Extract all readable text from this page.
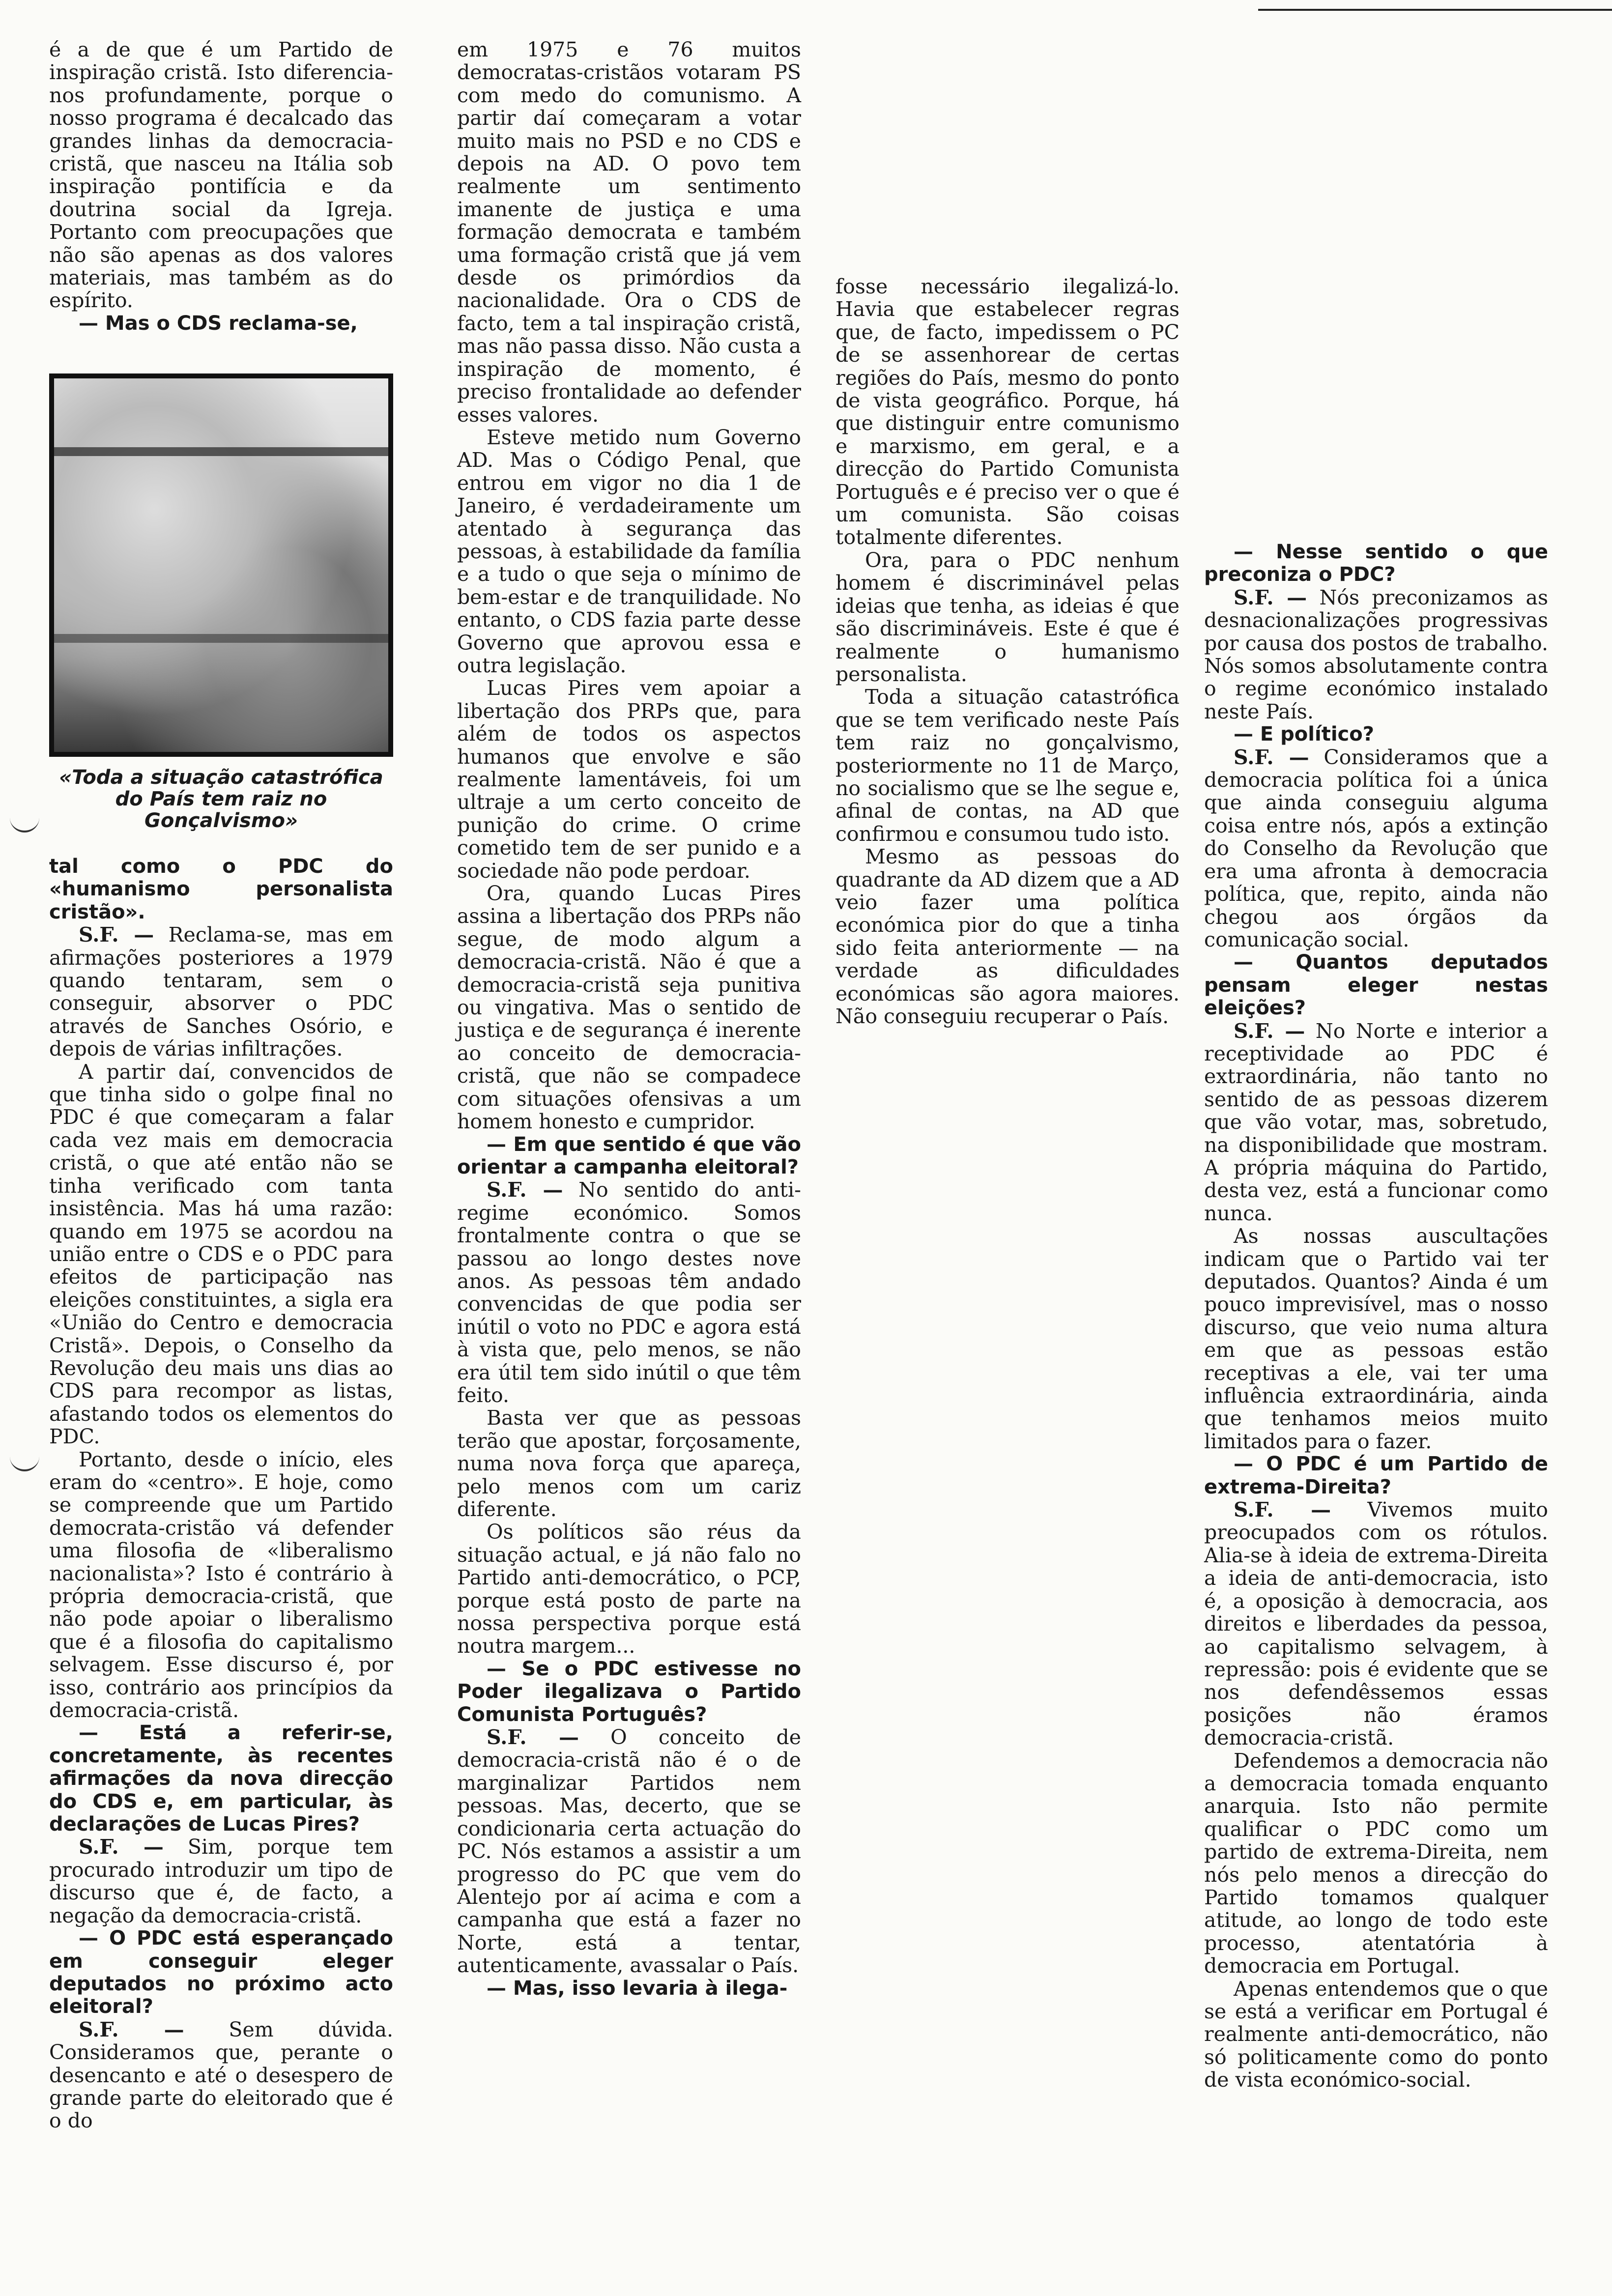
é a de que é um Partido de inspiração cristã. Isto diferencia-nos profundamente, porque o nosso programa é decalcado das grandes linhas da democracia-cristã, que nasceu na Itália sob inspiração pontifícia e da doutrina social da Igreja. Portanto com preocupações que não são apenas as dos valores materiais, mas também as do espírito.

— Mas o CDS reclama-se,

«Toda a situação catastrófica do País tem raiz no Gonçalvismo»

tal como o PDC do «humanismo personalista cristão».

S.F. — Reclama-se, mas em afirmações posteriores a 1979 quando tentaram, sem o conseguir, absorver o PDC através de Sanches Osório, e depois de várias infiltrações.

A partir daí, convencidos de que tinha sido o golpe final no PDC é que começaram a falar cada vez mais em democracia cristã, o que até então não se tinha verificado com tanta insistência. Mas há uma razão: quando em 1975 se acordou na união entre o CDS e o PDC para efeitos de participação nas eleições constituintes, a sigla era «União do Centro e democracia Cristã». Depois, o Conselho da Revolução deu mais uns dias ao CDS para recompor as listas, afastando todos os elementos do PDC.

Portanto, desde o início, eles eram do «centro». E hoje, como se compreende que um Partido democrata-cristão vá defender uma filosofia de «liberalismo nacionalista»? Isto é contrário à própria democracia-cristã, que não pode apoiar o liberalismo que é a filosofia do capitalismo selvagem. Esse discurso é, por isso, contrário aos princípios da democracia-cristã.

— Está a referir-se, concretamente, às recentes afirmações da nova direcção do CDS e, em particular, às declarações de Lucas Pires?

S.F. — Sim, porque tem procurado introduzir um tipo de discurso que é, de facto, a negação da democracia-cristã.

— O PDC está esperançado em conseguir eleger deputados no próximo acto eleitoral?

S.F. — Sem dúvida. Consideramos que, perante o desencanto e até o desespero de grande parte do eleitorado que é o do

em 1975 e 76 muitos democratas-cristãos votaram PS com medo do comunismo. A partir daí começaram a votar muito mais no PSD e no CDS e depois na AD. O povo tem realmente um sentimento imanente de justiça e uma formação democrata e também uma formação cristã que já vem desde os primórdios da nacionalidade. Ora o CDS de facto, tem a tal inspiração cristã, mas não passa disso. Não custa a inspiração de momento, é preciso frontalidade ao defender esses valores.

Esteve metido num Governo AD. Mas o Código Penal, que entrou em vigor no dia 1 de Janeiro, é verdadeiramente um atentado à segurança das pessoas, à estabilidade da família e a tudo o que seja o mínimo de bem-estar e de tranquilidade. No entanto, o CDS fazia parte desse Governo que aprovou essa e outra legislação.

Lucas Pires vem apoiar a libertação dos PRPs que, para além de todos os aspectos humanos que envolve e são realmente lamentáveis, foi um ultraje a um certo conceito de punição do crime. O crime cometido tem de ser punido e a sociedade não pode perdoar.

Ora, quando Lucas Pires assina a libertação dos PRPs não segue, de modo algum a democracia-cristã. Não é que a democracia-cristã seja punitiva ou vingativa. Mas o sentido de justiça e de segurança é inerente ao conceito de democracia-cristã, que não se compadece com situações ofensivas a um homem honesto e cumpridor.

— Em que sentido é que vão orientar a campanha eleitoral?

S.F. — No sentido do anti-regime económico. Somos frontalmente contra o que se passou ao longo destes nove anos. As pessoas têm andado convencidas de que podia ser inútil o voto no PDC e agora está à vista que, pelo menos, se não era útil tem sido inútil o que têm feito.

Basta ver que as pessoas terão que apostar, forçosamente, numa nova força que apareça, pelo menos com um cariz diferente.

Os políticos são réus da situação actual, e já não falo no Partido anti-democrático, o PCP, porque está posto de parte na nossa perspectiva porque está noutra margem...

— Se o PDC estivesse no Poder ilegalizava o Partido Comunista Português?

S.F. — O conceito de democracia-cristã não é o de marginalizar Partidos nem pessoas. Mas, decerto, que se condicionaria certa actuação do PC. Nós estamos a assistir a um progresso do PC que vem do Alentejo por aí acima e com a campanha que está a fazer no Norte, está a tentar, autenticamente, avassalar o País.

— Mas, isso levaria à ilega-

fosse necessário ilegalizá-lo. Havia que estabelecer regras que, de facto, impedissem o PC de se assenhorear de certas regiões do País, mesmo do ponto de vista geográfico. Porque, há que distinguir entre comunismo e marxismo, em geral, e a direcção do Partido Comunista Português e é preciso ver o que é um comunista. São coisas totalmente diferentes.

Ora, para o PDC nenhum homem é discriminável pelas ideias que tenha, as ideias é que são discrimináveis. Este é que é realmente o humanismo personalista.

Toda a situação catastrófica que se tem verificado neste País tem raiz no gonçalvismo, posteriormente no 11 de Março, no socialismo que se lhe segue e, afinal de contas, na AD que confirmou e consumou tudo isto.

Mesmo as pessoas do quadrante da AD dizem que a AD veio fazer uma política económica pior do que a tinha sido feita anteriormente — na verdade as dificuldades económicas são agora maiores. Não conseguiu recuperar o País.

— Nesse sentido o que preconiza o PDC?

S.F. — Nós preconizamos as desnacionalizações progressivas por causa dos postos de trabalho. Nós somos absolutamente contra o regime económico instalado neste País.

— E político?

S.F. — Consideramos que a democracia política foi a única que ainda conseguiu alguma coisa entre nós, após a extinção do Conselho da Revolução que era uma afronta à democracia política, que, repito, ainda não chegou aos órgãos da comunicação social.

— Quantos deputados pensam eleger nestas eleições?

S.F. — No Norte e interior a receptividade ao PDC é extraordinária, não tanto no sentido de as pessoas dizerem que vão votar, mas, sobretudo, na disponibilidade que mostram. A própria máquina do Partido, desta vez, está a funcionar como nunca.

As nossas auscultações indicam que o Partido vai ter deputados. Quantos? Ainda é um pouco imprevisível, mas o nosso discurso, que veio numa altura em que as pessoas estão receptivas a ele, vai ter uma influência extraordinária, ainda que tenhamos meios muito limitados para o fazer.

— O PDC é um Partido de extrema-Direita?

S.F. — Vivemos muito preocupados com os rótulos. Alia-se à ideia de extrema-Direita a ideia de anti-democracia, isto é, a oposição à democracia, aos direitos e liberdades da pessoa, ao capitalismo selvagem, à repressão: pois é evidente que se nos defendêssemos essas posições não éramos democracia-cristã.

Defendemos a democracia não a democracia tomada enquanto anarquia. Isto não permite qualificar o PDC como um partido de extrema-Direita, nem nós pelo menos a direcção do Partido tomamos qualquer atitude, ao longo de todo este processo, atentatória à democracia em Portugal.

Apenas entendemos que o que se está a verificar em Portugal é realmente anti-democrático, não só politicamente como do ponto de vista económico-social.
